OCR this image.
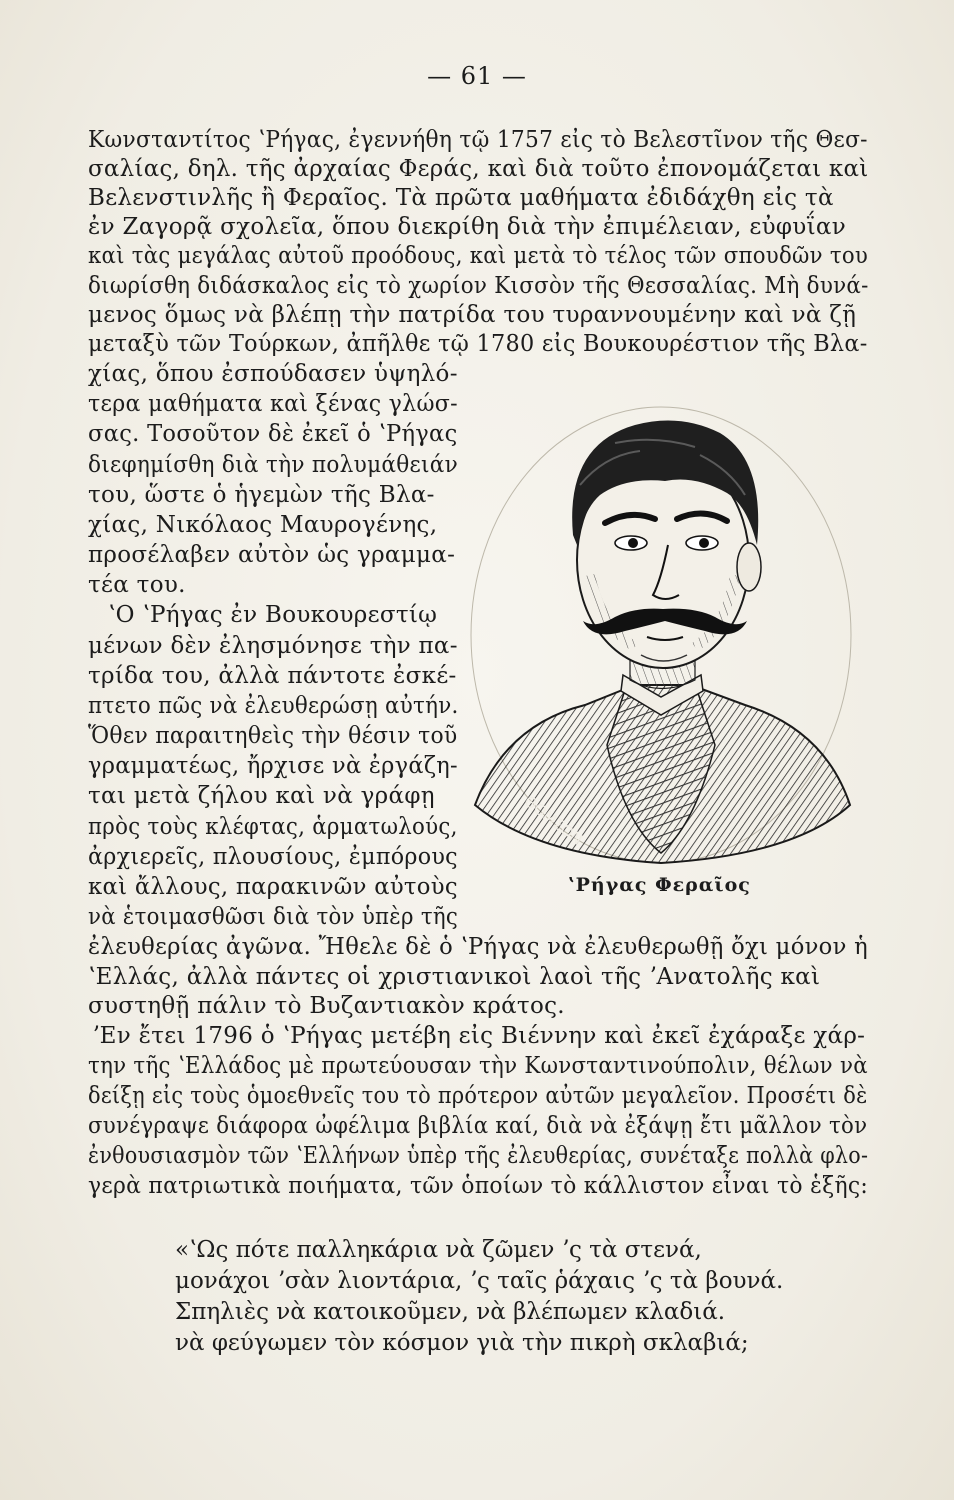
— 61 —
Κωνσταντίτος ʽΡήγας, ἐγεννήθη τῷ 1757 εἰς τὸ Βελεστῖνον τῆς Θεσ-
σαλίας, δηλ. τῆς ἀρχαίας Φεράς, καὶ διὰ τοῦτο ἐπονομάζεται καὶ
Βελενστινλῆς ἢ Φεραῖος. Τὰ πρῶτα μαθήματα ἐδιδάχθη εἰς τὰ
ἐν Ζαγορᾷ σχολεῖα, ὅπου διεκρίθη διὰ τὴν ἐπιμέλειαν, εὐφυΐαν
καὶ τὰς μεγάλας αὐτοῦ προόδους, καὶ μετὰ τὸ τέλος τῶν σπουδῶν του
διωρίσθη διδάσκαλος εἰς τὸ χωρίον Κισσὸν τῆς Θεσσαλίας. Μὴ δυνά-
μενος ὅμως νὰ βλέπῃ τὴν πατρίδα του τυραννουμένην καὶ νὰ ζῇ
μεταξὺ τῶν Τούρκων, ἀπῆλθε τῷ 1780 εἰς Βουκουρέστιον τῆς Βλα-
χίας, ὅπου ἐσπούδασεν ὑψηλό-
τερα μαθήματα καὶ ξένας γλώσ-
σας. Τοσοῦτον δὲ ἐκεῖ ὁ ʽΡήγας
διεφημίσθη διὰ τὴν πολυμάθειάν
του, ὥστε ὁ ἡγεμὼν τῆς Βλα-
χίας, Νικόλαος Μαυρογένης,
προσέλαβεν αὐτὸν ὡς γραμμα-
τέα του.
ʽΟ ʽΡήγας ἐν Βουκουρεστίῳ
μένων δὲν ἐλησμόνησε τὴν πα-
τρίδα του, ἀλλὰ πάντοτε ἐσκέ-
πτετο πῶς νὰ ἐλευθερώσῃ αὐτήν.
Ὅθεν παραιτηθεὶς τὴν θέσιν τοῦ
γραμματέως, ἤρχισε νὰ ἐργάζη-
ται μετὰ ζήλου καὶ νὰ γράφῃ
πρὸς τοὺς κλέφτας, ἁρματωλούς,
ἀρχιερεῖς, πλουσίους, ἐμπόρους
καὶ ἄλλους, παρακινῶν αὐτοὺς
νὰ ἑτοιμασθῶσι διὰ τὸν ὑπὲρ τῆς
ἐλευθερίας ἀγῶνα. Ἤθελε δὲ ὁ ʽΡήγας νὰ ἐλευθερωθῇ ὄχι μόνον ἡ
ʽΕλλάς, ἀλλὰ πάντες οἱ χριστιανικοὶ λαοὶ τῆς ʼΑνατολῆς καὶ
συστηθῇ πάλιν τὸ Βυζαντιακὸν κράτος.
ʼΕν ἔτει 1796 ὁ ʽΡήγας μετέβη εἰς Βιέννην καὶ ἐκεῖ ἐχάραξε χάρ-
την τῆς ʽΕλλάδος μὲ πρωτεύουσαν τὴν Κωνσταντινούπολιν, θέλων νὰ
δείξῃ εἰς τοὺς ὁμοεθνεῖς του τὸ πρότερον αὐτῶν μεγαλεῖον. Προσέτι δὲ
συνέγραψε διάφορα ὠφέλιμα βιβλία καί, διὰ νὰ ἐξάψῃ ἔτι μᾶλλον τὸν
ἐνθουσιασμὸν τῶν ʽΕλλήνων ὑπὲρ τῆς ἐλευθερίας, συνέταξε πολλὰ φλο-
γερὰ πατριωτικὰ ποιήματα, τῶν ὁποίων τὸ κάλλιστον εἶναι τὸ ἑξῆς:
«ʽΩς πότε παλληκάρια νὰ ζῶμεν ʼς τὰ στενά,
μονάχοι ʼσὰν λιοντάρια, ʼς ταῖς ῥάχαις ʼς τὰ βουνά.
Σπηλιὲς νὰ κατοικοῦμεν, νὰ βλέπωμεν κλαδιά.
νὰ φεύγωμεν τὸν κόσμον γιὰ τὴν πικρὴ σκλαβιά;
ΘΟΜΣΟΝ
ʽΡήγας Φεραῖος
